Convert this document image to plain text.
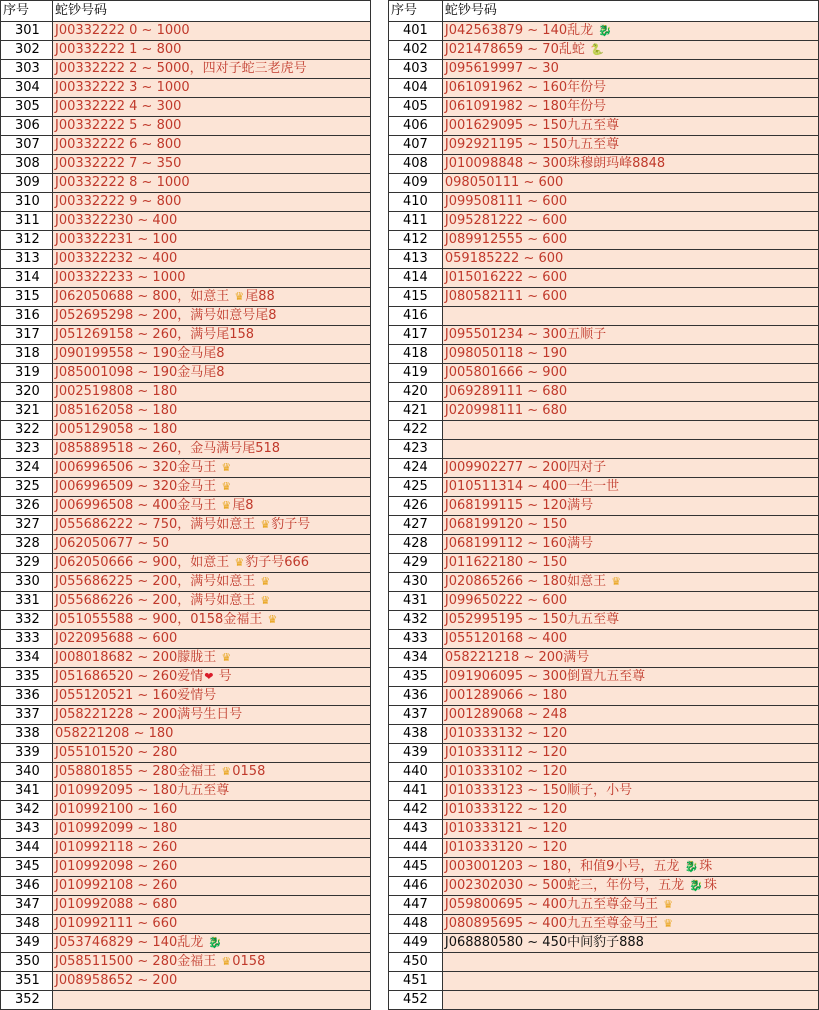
序号	蛇钞号码
301	J00332222 0 ~ 1000
302	J00332222 1 ~ 800
303	J00332222 2 ~ 5000，四对子蛇三老虎号
304	J00332222 3 ~ 1000
305	J00332222 4 ~ 300
306	J00332222 5 ~ 800
307	J00332222 6 ~ 800
308	J00332222 7 ~ 350
309	J00332222 8 ~ 1000
310	J00332222 9 ~ 800
311	J003322230 ~ 400
312	J003322231 ~ 100
313	J003322232 ~ 400
314	J003322233 ~ 1000
315	J062050688 ~ 800，如意王 ♛尾88
316	J052695298 ~ 200，满号如意号尾8
317	J051269158 ~ 260，满号尾158
318	J090199558 ~ 190金马尾8
319	J085001098 ~ 190金马尾8
320	J002519808 ~ 180
321	J085162058 ~ 180
322	J005129058 ~ 180
323	J085889518 ~ 260，金马满号尾518
324	J006996506 ~ 320金马王 ♛
325	J006996509 ~ 320金马王 ♛
326	J006996508 ~ 400金马王 ♛尾8
327	J055686222 ~ 750，满号如意王 ♛豹子号
328	J062050677 ~ 50
329	J062050666 ~ 900，如意王 ♛豹子号666
330	J055686225 ~ 200，满号如意王 ♛
331	J055686226 ~ 200，满号如意王 ♛
332	J051055588 ~ 900，0158金福王 ♛
333	J022095688 ~ 600
334	J008018682 ~ 200朦胧王 ♛
335	J051686520 ~ 260爱情❤ 号
336	J055120521 ~ 160爱情号
337	J058221228 ~ 200满号生日号
338	058221208 ~ 180
339	J055101520 ~ 280
340	J058801855 ~ 280金福王 ♛0158
341	J010992095 ~ 180九五至尊
342	J010992100 ~ 160
343	J010992099 ~ 180
344	J010992118 ~ 260
345	J010992098 ~ 260
346	J010992108 ~ 260
347	J010992088 ~ 680
348	J010992111 ~ 660
349	J053746829 ~ 140乱龙 🐉
350	J058511500 ~ 280金福王 ♛0158
351	J008958652 ~ 200
352	
序号	蛇钞号码
401	J042563879 ~ 140乱龙 🐉
402	J021478659 ~ 70乱蛇 🐍
403	J095619997 ~ 30
404	J061091962 ~ 160年份号
405	J061091982 ~ 180年份号
406	J001629095 ~ 150九五至尊
407	J092921195 ~ 150九五至尊
408	J010098848 ~ 300珠穆朗玛峰8848
409	098050111 ~ 600
410	J099508111 ~ 600
411	J095281222 ~ 600
412	J089912555 ~ 600
413	059185222 ~ 600
414	J015016222 ~ 600
415	J080582111 ~ 600
416	
417	J095501234 ~ 300五顺子
418	J098050118 ~ 190
419	J005801666 ~ 900
420	J069289111 ~ 680
421	J020998111 ~ 680
422	
423	
424	J009902277 ~ 200四对子
425	J010511314 ~ 400一生一世
426	J068199115 ~ 120满号
427	J068199120 ~ 150
428	J068199112 ~ 160满号
429	J011622180 ~ 150
430	J020865266 ~ 180如意王 ♛
431	J099650222 ~ 600
432	J052995195 ~ 150九五至尊
433	J055120168 ~ 400
434	058221218 ~ 200满号
435	J091906095 ~ 300倒置九五至尊
436	J001289066 ~ 180
437	J001289068 ~ 248
438	J010333132 ~ 120
439	J010333112 ~ 120
440	J010333102 ~ 120
441	J010333123 ~ 150顺子，小号
442	J010333122 ~ 120
443	J010333121 ~ 120
444	J010333120 ~ 120
445	J003001203 ~ 180，和值9小号，五龙 🐉珠
446	J002302030 ~ 500蛇三，年份号，五龙 🐉珠
447	J059800695 ~ 400九五至尊金马王 ♛
448	J080895695 ~ 400九五至尊金马王 ♛
449	J068880580 ~ 450中间豹子888
450	
451	
452	
